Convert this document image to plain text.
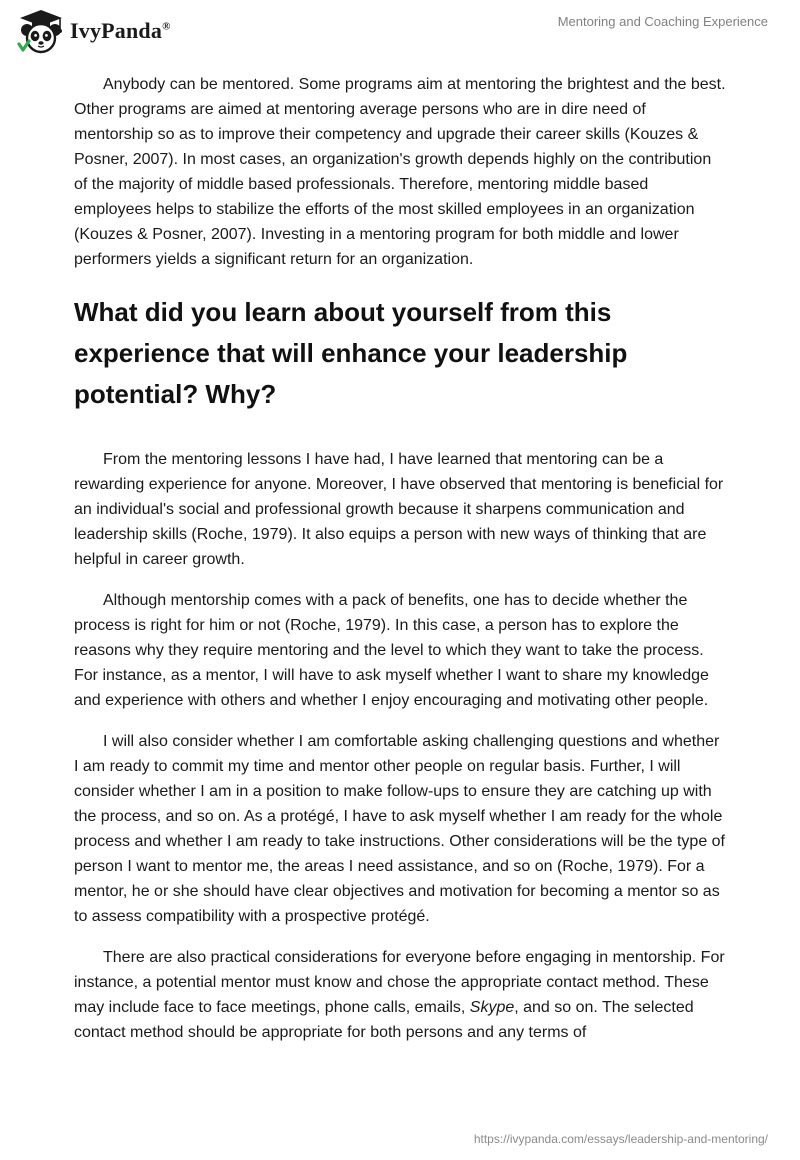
IvyPanda®	Mentoring and Coaching Experience

Anybody can be mentored. Some programs aim at mentoring the brightest and the best. Other programs are aimed at mentoring average persons who are in dire need of mentorship so as to improve their competency and upgrade their career skills (Kouzes & Posner, 2007). In most cases, an organization's growth depends highly on the contribution of the majority of middle based professionals. Therefore, mentoring middle based employees helps to stabilize the efforts of the most skilled employees in an organization (Kouzes & Posner, 2007). Investing in a mentoring program for both middle and lower performers yields a significant return for an organization.

What did you learn about yourself from this experience that will enhance your leadership potential? Why?

From the mentoring lessons I have had, I have learned that mentoring can be a rewarding experience for anyone. Moreover, I have observed that mentoring is beneficial for an individual's social and professional growth because it sharpens communication and leadership skills (Roche, 1979). It also equips a person with new ways of thinking that are helpful in career growth.

Although mentorship comes with a pack of benefits, one has to decide whether the process is right for him or not (Roche, 1979). In this case, a person has to explore the reasons why they require mentoring and the level to which they want to take the process. For instance, as a mentor, I will have to ask myself whether I want to share my knowledge and experience with others and whether I enjoy encouraging and motivating other people.

I will also consider whether I am comfortable asking challenging questions and whether I am ready to commit my time and mentor other people on regular basis. Further, I will consider whether I am in a position to make follow-ups to ensure they are catching up with the process, and so on. As a protégé, I have to ask myself whether I am ready for the whole process and whether I am ready to take instructions. Other considerations will be the type of person I want to mentor me, the areas I need assistance, and so on (Roche, 1979). For a mentor, he or she should have clear objectives and motivation for becoming a mentor so as to assess compatibility with a prospective protégé.

There are also practical considerations for everyone before engaging in mentorship. For instance, a potential mentor must know and chose the appropriate contact method. These may include face to face meetings, phone calls, emails, Skype, and so on. The selected contact method should be appropriate for both persons and any terms of

https://ivypanda.com/essays/leadership-and-mentoring/
